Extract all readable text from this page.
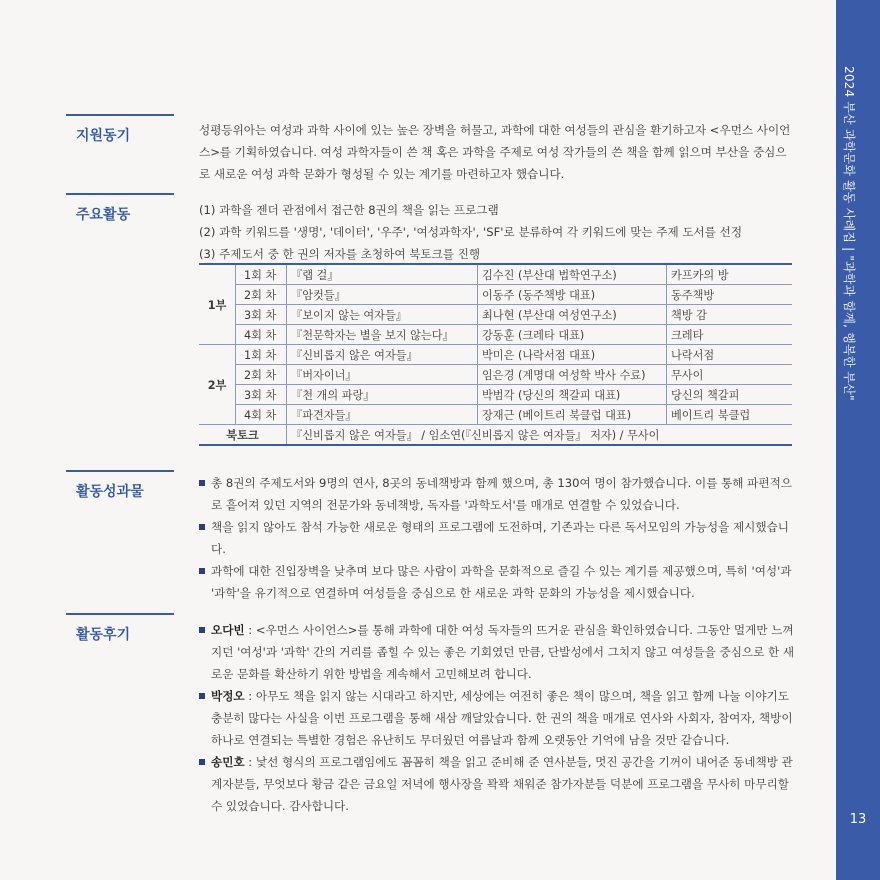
2024 부산 과학문화 활동 사례집 | "과학과 함께, 행복한 부산"
13
지원동기	성평등위아는 여성과 과학 사이에 있는 높은 장벽을 허물고, 과학에 대한 여성들의 관심을 환기하고자 <우먼스 사이언스>를 기획하였습니다. 여성 과학자들이 쓴 책 혹은 과학을 주제로 여성 작가들의 쓴 책을 함께 읽으며 부산을 중심으로 새로운 여성 과학 문화가 형성될 수 있는 계기를 마련하고자 했습니다.
주요활동	(1) 과학을 젠더 관점에서 접근한 8권의 책을 읽는 프로그램
(2) 과학 키워드를 '생명', '데이터', '우주', '여성과학자', 'SF'로 분류하여 각 키워드에 맞는 주제 도서를 선정
(3) 주제도서 중 한 권의 저자를 초청하여 북토크를 진행
1부	1회 차	『랩 걸』	김수진 (부산대 법학연구소)	카프카의 방
	2회 차	『암컷들』	이동주 (동주책방 대표)	동주책방
	3회 차	『보이지 않는 여자들』	최나현 (부산대 여성연구소)	책방 감
	4회 차	『천문학자는 별을 보지 않는다』	강동훈 (크레타 대표)	크레타
2부	1회 차	『신비롭지 않은 여자들』	박미은 (나락서점 대표)	나락서점
	2회 차	『버자이너』	임은경 (계명대 여성학 박사 수료)	무사이
	3회 차	『천 개의 파랑』	박범각 (당신의 책갈피 대표)	당신의 책갈피
	4회 차	『파견자들』	장재근 (베이트리 북클럽 대표)	베이트리 북클럽
북토크		『신비롭지 않은 여자들』 / 임소연(『신비롭지 않은 여자들』 저자) / 무사이		
활동성과물
총 8권의 주제도서와 9명의 연사, 8곳의 동네책방과 함께 했으며, 총 130여 명이 참가했습니다. 이를 통해 파편적으로 흩어져 있던 지역의 전문가와 동네책방, 독자를 '과학도서'를 매개로 연결할 수 있었습니다.
책을 읽지 않아도 참석 가능한 새로운 형태의 프로그램에 도전하며, 기존과는 다른 독서모임의 가능성을 제시했습니다.
과학에 대한 진입장벽을 낮추며 보다 많은 사람이 과학을 문화적으로 즐길 수 있는 계기를 제공했으며, 특히 '여성'과 '과학'을 유기적으로 연결하며 여성들을 중심으로 한 새로운 과학 문화의 가능성을 제시했습니다.
활동후기	오다빈 : <우먼스 사이언스>를 통해 과학에 대한 여성 독자들의 뜨거운 관심을 확인하였습니다. 그동안 멀게만 느껴지던 '여성'과 '과학' 간의 거리를 좁힐 수 있는 좋은 기회였던 만큼, 단발성에서 그치지 않고 여성들을 중심으로 한 새로운 문화를 확산하기 위한 방법을 계속해서 고민해보려 합니다.
박정오 : 아무도 책을 읽지 않는 시대라고 하지만, 세상에는 여전히 좋은 책이 많으며, 책을 읽고 함께 나눌 이야기도 충분히 많다는 사실을 이번 프로그램을 통해 새삼 깨달았습니다. 한 권의 책을 매개로 연사와 사회자, 참여자, 책방이 하나로 연결되는 특별한 경험은 유난히도 무더웠던 여름날과 함께 오랫동안 기억에 남을 것만 같습니다.
송민호 : 낯선 형식의 프로그램임에도 꼼꼼히 책을 읽고 준비해 준 연사분들, 멋진 공간을 기꺼이 내어준 동네책방 관계자분들, 무엇보다 황금 같은 금요일 저녁에 행사장을 꽉꽉 채워준 참가자분들 덕분에 프로그램을 무사히 마무리할 수 있었습니다. 감사합니다.
